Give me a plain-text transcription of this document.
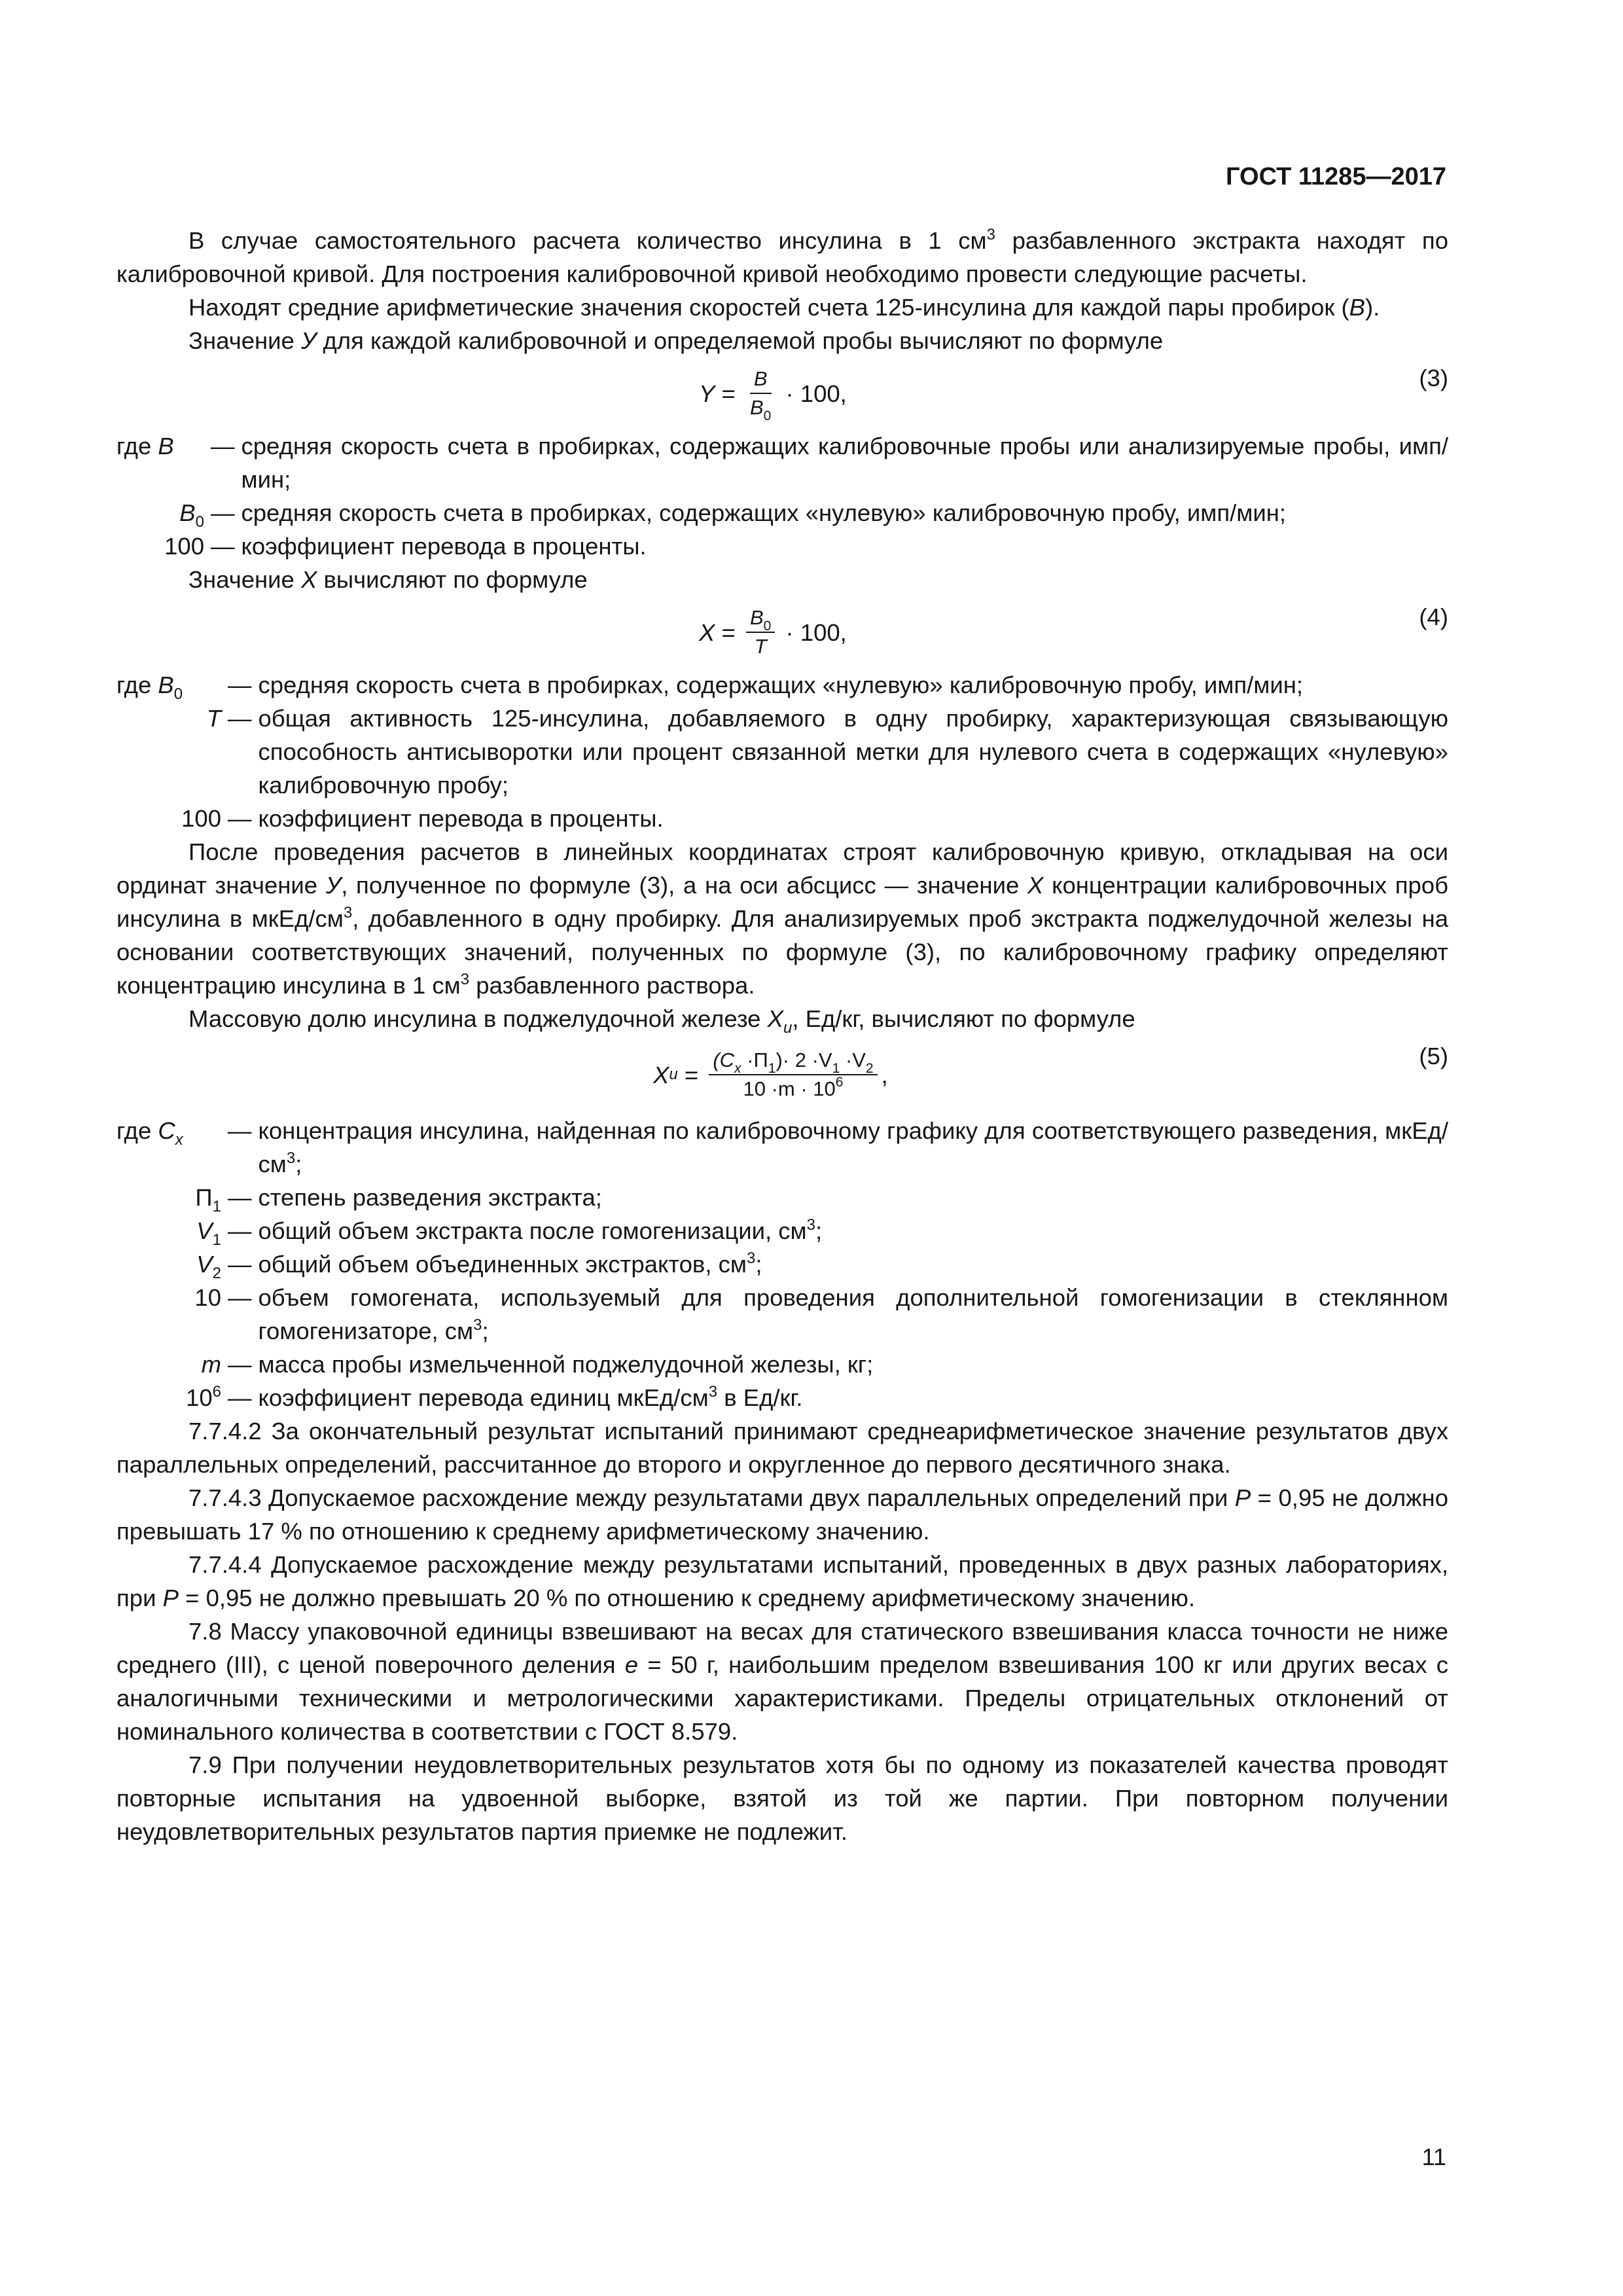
ГОСТ 11285—2017

В случае самостоятельного расчета количество инсулина в 1 $см^3$ разбавленного экстракта находят по калибровочной кривой. Для построения калибровочной кривой необходимо провести следующие расчеты.

Находят средние арифметические значения скоростей счета 125-инсулина для каждой пары пробирок (B).

Значение У для каждой калибровочной и определяемой пробы вычисляют по формуле

$Y = \frac{B}{B_0} \cdot 100$,
(3)
где B	— средняя скорость счета в пробирках, содержащих калибровочные пробы или анализируемые пробы, имп/мин;
$B_0$ — средняя скорость счета в пробирках, содержащих «нулевую» калибровочную пробу, имп/мин;
100 — коэффициент перевода в проценты.

Значение X вычисляют по формуле

$X = \frac{B_0}{T} \cdot 100$,
(4)
где $B_0$	— средняя скорость счета в пробирках, содержащих «нулевую» калибровочную пробу, имп/мин;
T — общая активность 125-инсулина, добавляемого в одну пробирку, характеризующая связывающую способность антисыворотки или процент связанной метки для нулевого счета в содержащих «нулевую» калибровочную пробу;
100 — коэффициент перевода в проценты.

После проведения расчетов в линейных координатах строят калибровочную кривую, откладывая на оси ординат значение У, полученное по формуле (3), а на оси абсцисс — значение X концентрации калибровочных проб инсулина в мкЕд/$см^3$, добавленного в одну пробирку. Для анализируемых проб экстракта поджелудочной железы на основании соответствующих значений, полученных по формуле (3), по калибровочному графику определяют концентрацию инсулина в 1 $см^3$ разбавленного раствора.

Массовую долю инсулина в поджелудочной железе $X_и$, Ед/кг, вычисляют по формуле

X $и = \frac{(C_x \cdot П_1)\cdot 2 \cdot V_1 \cdot V_2}{10 \cdot m \cdot 10^6}$ ,
(5)
где $C_x$	— концентрация инсулина, найденная по калибровочному графику для соответствующего разведения, мкЕд/$см^3$;
$П_1$ — степень разведения экстракта;
$V_1$ — общий объем экстракта после гомогенизации, $см^3$;
$V_2$ — общий объем объединенных экстрактов, $см^3$;
10 — объем гомогената, используемый для проведения дополнительной гомогенизации в стеклянном гомогенизаторе, $см^3$;
m — масса пробы измельченной поджелудочной железы, кг;
$10^6$ — коэффициент перевода единиц мкЕд/$см^3$ в Ед/кг.

7.7.4.2 За окончательный результат испытаний принимают среднеарифметическое значение результатов двух параллельных определений, рассчитанное до второго и округленное до первого десятичного знака.

7.7.4.3 Допускаемое расхождение между результатами двух параллельных определений при P = 0,95 не должно превышать 17 % по отношению к среднему арифметическому значению.

7.7.4.4 Допускаемое расхождение между результатами испытаний, проведенных в двух разных лабораториях, при P = 0,95 не должно превышать 20 % по отношению к среднему арифметическому значению.

7.8 Массу упаковочной единицы взвешивают на весах для статического взвешивания класса точности не ниже среднего (III), с ценой поверочного деления е = 50 г, наибольшим пределом взвешивания 100 кг или других весах с аналогичными техническими и метрологическими характеристиками. Пределы отрицательных отклонений от номинального количества в соответствии с ГОСТ 8.579.

7.9 При получении неудовлетворительных результатов хотя бы по одному из показателей качества проводят повторные испытания на удвоенной выборке, взятой из той же партии. При повторном получении неудовлетворительных результатов партия приемке не подлежит.

11
